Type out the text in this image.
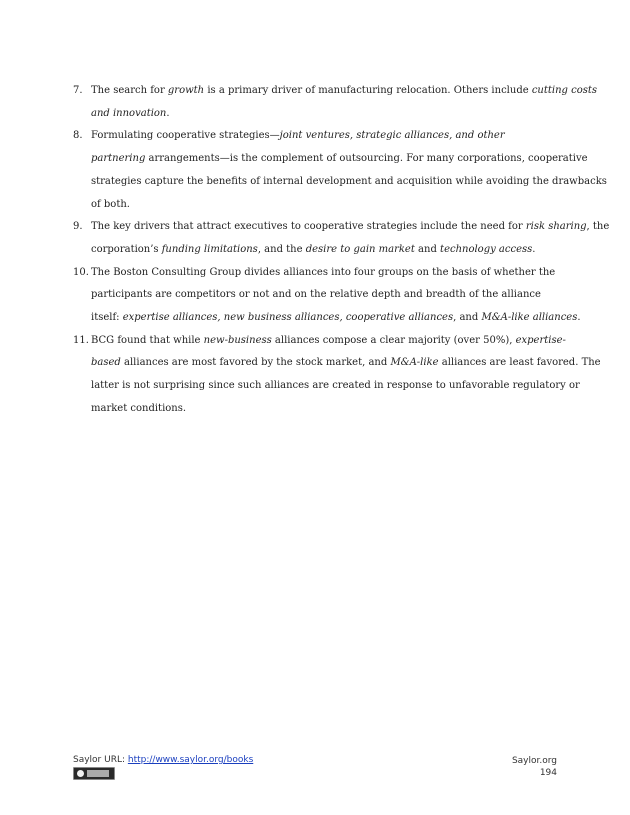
7. The search for growth is a primary driver of manufacturing relocation. Others include cutting costs
and innovation.
8. Formulating cooperative strategies—joint ventures, strategic alliances, and other
partnering arrangements—is the complement of outsourcing. For many corporations, cooperative
strategies capture the benefits of internal development and acquisition while avoiding the drawbacks
of both.
9. The key drivers that attract executives to cooperative strategies include the need for risk sharing, the
corporation’s funding limitations, and the desire to gain market and technology access.
10. The Boston Consulting Group divides alliances into four groups on the basis of whether the
participants are competitors or not and on the relative depth and breadth of the alliance
itself: expertise alliances, new business alliances, cooperative alliances, and M&A-like alliances.
11. BCG found that while new-business alliances compose a clear majority (over 50%), expertise-
based alliances are most favored by the stock market, and M&A-like alliances are least favored. The
latter is not surprising since such alliances are created in response to unfavorable regulatory or
market conditions.
Saylor URL: http://www.saylor.org/books	Saylor.org
194
